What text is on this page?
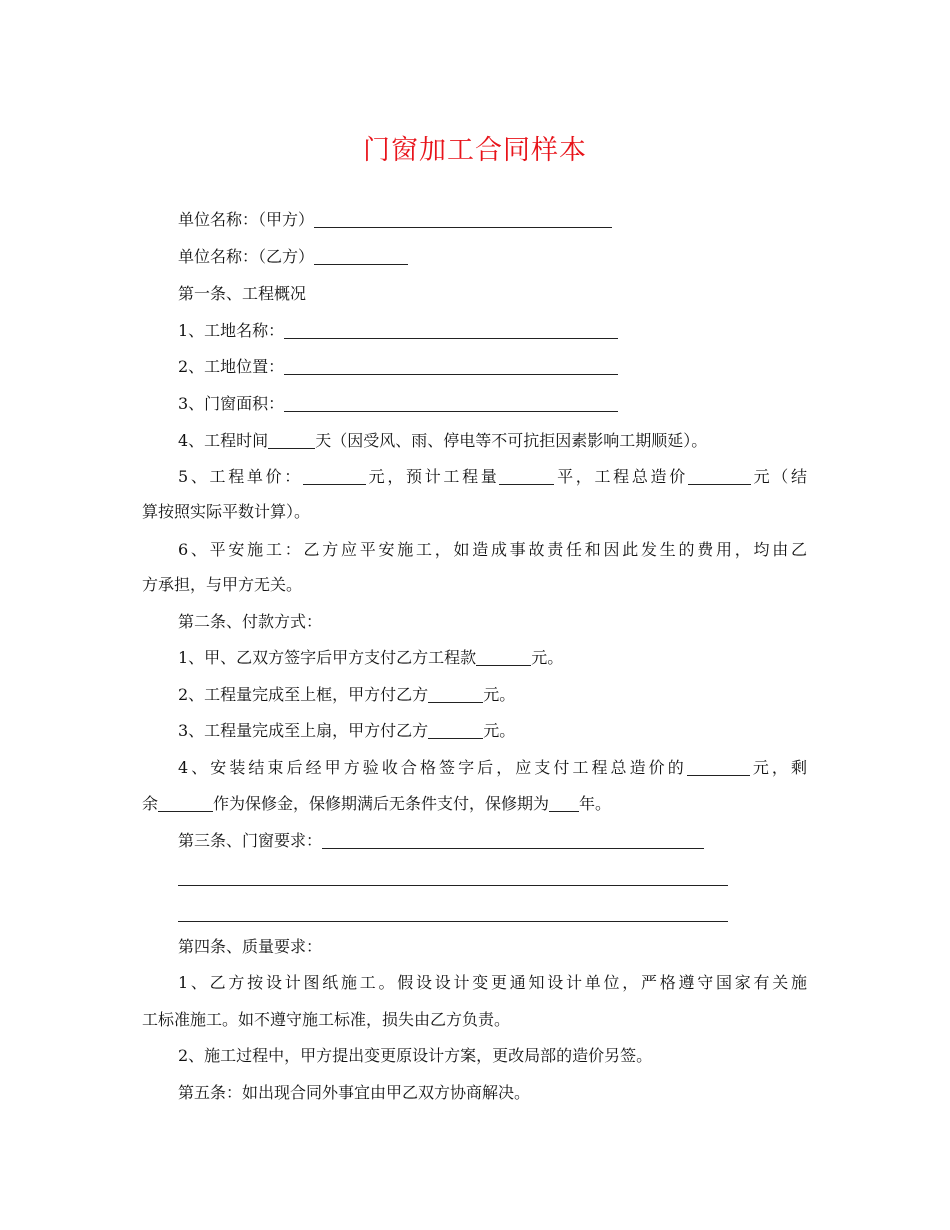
门窗加工合同样本
单位名称：（甲方）
单位名称：（乙方）
第一条、工程概况
1、工地名称：
2、工地位置：
3、门窗面积：
4、工程时间	天（因受风、雨、停电等不可抗拒因素影响工期顺延）。
5、工程单价：	元，预计工程量	平，工程总造价	元（结
算按照实际平数计算）。
6、平安施工：乙方应平安施工，如造成事故责任和因此发生的费用，均由乙
方承担，与甲方无关。
第二条、付款方式：
1、甲、乙双方签字后甲方支付乙方工程款	元。
2、工程量完成至上框，甲方付乙方	元。
3、工程量完成至上扇，甲方付乙方	元。
4、安装结束后经甲方验收合格签字后，应支付工程总造价的	元，剩
余	作为保修金，保修期满后无条件支付，保修期为 年。
第三条、门窗要求：
第四条、质量要求：
1、乙方按设计图纸施工。假设设计变更通知设计单位，严格遵守国家有关施
工标准施工。如不遵守施工标准，损失由乙方负责。
2、施工过程中，甲方提出变更原设计方案，更改局部的造价另签。
第五条：如出现合同外事宜由甲乙双方协商解决。
